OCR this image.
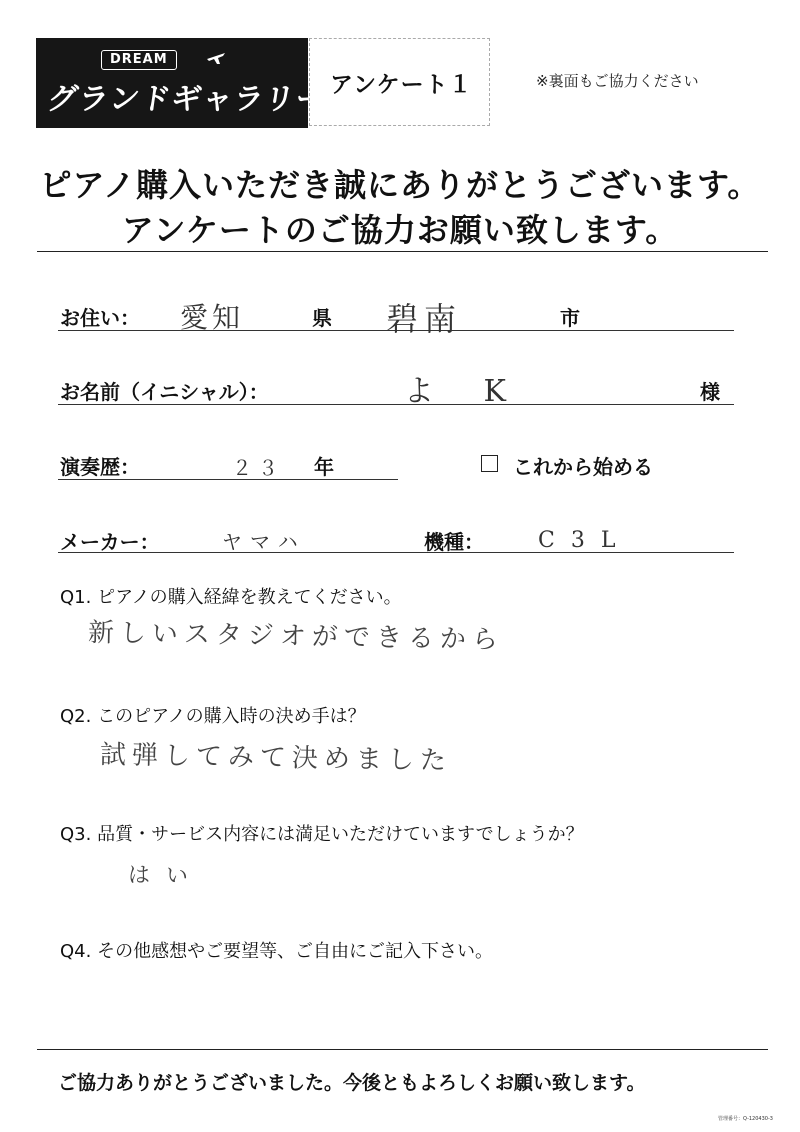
DREAM
グランドギャラリー アンケート１	※裏面もご協力ください
ピアノ購入いただき誠にありがとうございます。
アンケートのご協力お願い致します。
お住い： 愛知	県 碧南	市
お名前（イニシャル）：	よ K	様
演奏歴：	２３ 年	これから始める
メーカー：	ヤマハ	機種： C3L
Q1. ピアノの購入経緯を教えてください。
新しいスタジオができるから
Q2. このピアノの購入時の決め手は？
試弾してみて決めました
Q3. 品質・サービス内容には満足いただけていますでしょうか？
はい
Q4. その他感想やご要望等、ご自由にご記入下さい。
ご協力ありがとうございました。今後ともよろしくお願い致します。
管理番号：Q-120430-3
